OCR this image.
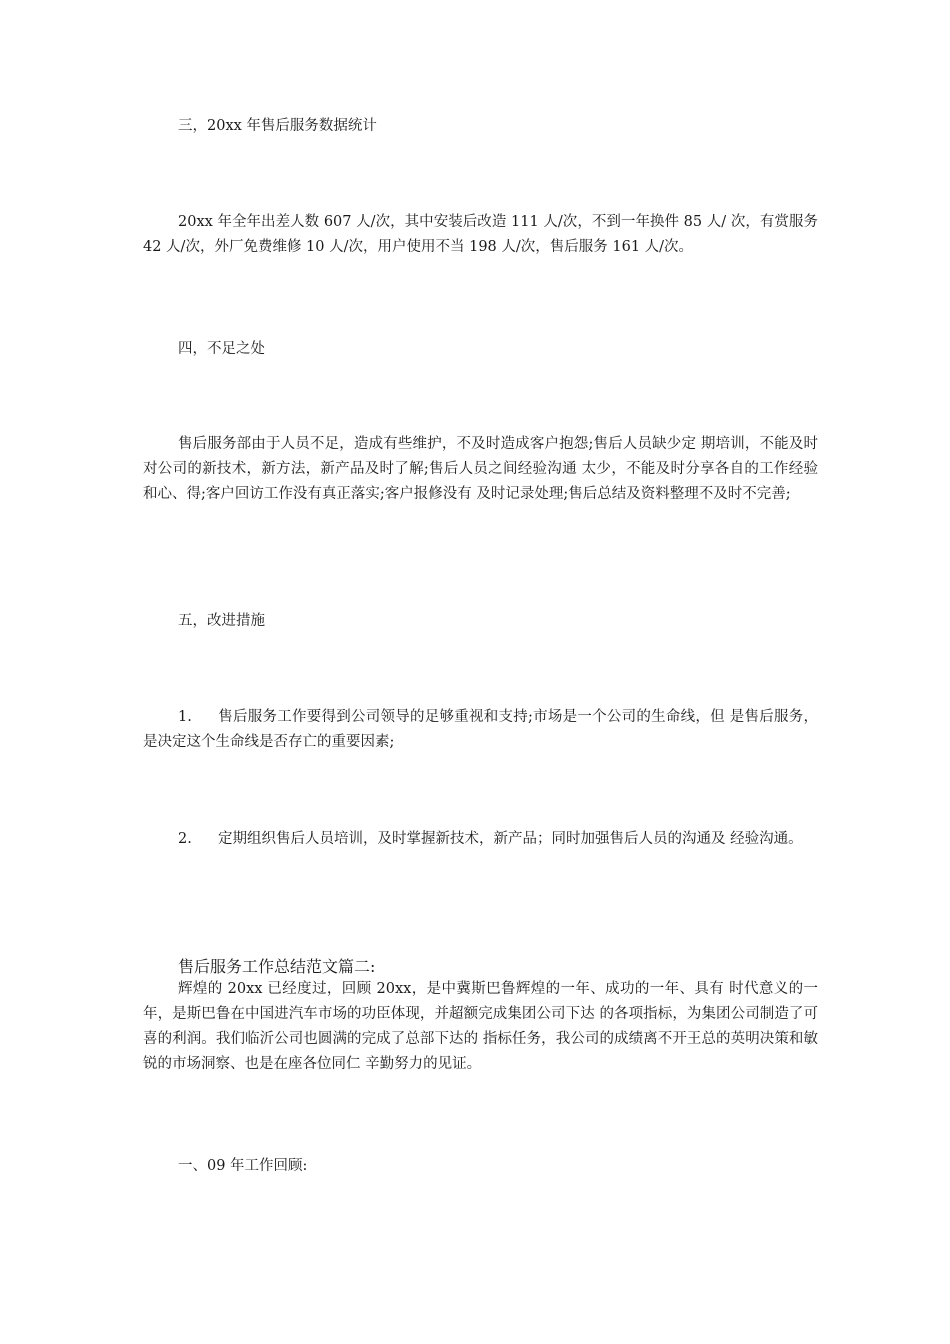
三，20xx 年售后服务数据统计

20xx 年全年出差人数 607 人/次，其中安装后改造 111 人/次，不到一年换件 85 人/ 次，有赏服务 42 人/次，外厂免费维修 10 人/次，用户使用不当 198 人/次，售后服务 161 人/次。

四，不足之处

售后服务部由于人员不足，造成有些维护，不及时造成客户抱怨;售后人员缺少定 期培训，不能及时对公司的新技术，新方法，新产品及时了解;售后人员之间经验沟通 太少，不能及时分享各自的工作经验和心、得;客户回访工作没有真正落实;客户报修没有 及时记录处理;售后总结及资料整理不及时不完善;

五，改进措施

1. 售后服务工作要得到公司领导的足够重视和支持;市场是一个公司的生命线，但 是售后服务，是决定这个生命线是否存亡的重要因素;

2. 定期组织售后人员培训，及时掌握新技术，新产品；同时加强售后人员的沟通及 经验沟通。

售后服务工作总结范文篇二:

辉煌的 20xx 已经度过，回顾 20xx，是中冀斯巴鲁辉煌的一年、成功的一年、具有 时代意义的一年，是斯巴鲁在中国进汽车市场的功臣体现，并超额完成集团公司下达 的各项指标，为集团公司制造了可喜的利润。我们临沂公司也圆满的完成了总部下达的 指标任务，我公司的成绩离不开王总的英明决策和敏锐的市场洞察、也是在座各位同仁 辛勤努力的见证。

一、09 年工作回顾:
